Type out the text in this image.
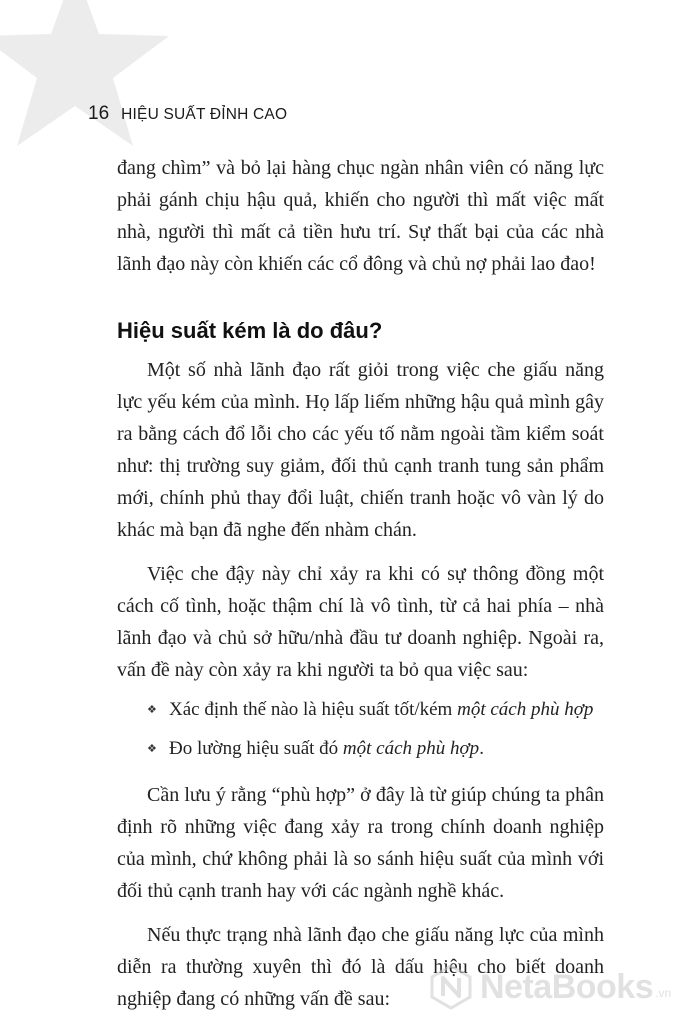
16 HIỆU SUẤT ĐỈNH CAO

đang chìm” và bỏ lại hàng chục ngàn nhân viên có năng lực phải gánh chịu hậu quả, khiến cho người thì mất việc mất nhà, người thì mất cả tiền hưu trí. Sự thất bại của các nhà lãnh đạo này còn khiến các cổ đông và chủ nợ phải lao đao!

Hiệu suất kém là do đâu?

Một số nhà lãnh đạo rất giỏi trong việc che giấu năng lực yếu kém của mình. Họ lấp liếm những hậu quả mình gây ra bằng cách đổ lỗi cho các yếu tố nằm ngoài tầm kiểm soát như: thị trường suy giảm, đối thủ cạnh tranh tung sản phẩm mới, chính phủ thay đổi luật, chiến tranh hoặc vô vàn lý do khác mà bạn đã nghe đến nhàm chán.

Việc che đậy này chỉ xảy ra khi có sự thông đồng một cách cố tình, hoặc thậm chí là vô tình, từ cả hai phía – nhà lãnh đạo và chủ sở hữu/nhà đầu tư doanh nghiệp. Ngoài ra, vấn đề này còn xảy ra khi người ta bỏ qua việc sau:

❖ Xác định thế nào là hiệu suất tốt/kém một cách phù hợp
❖ Đo lường hiệu suất đó một cách phù hợp.

Cần lưu ý rằng “phù hợp” ở đây là từ giúp chúng ta phân định rõ những việc đang xảy ra trong chính doanh nghiệp của mình, chứ không phải là so sánh hiệu suất của mình với đối thủ cạnh tranh hay với các ngành nghề khác.

Nếu thực trạng nhà lãnh đạo che giấu năng lực của mình diễn ra thường xuyên thì đó là dấu hiệu cho biết doanh nghiệp đang có những vấn đề sau:	NetaBooks .vn
